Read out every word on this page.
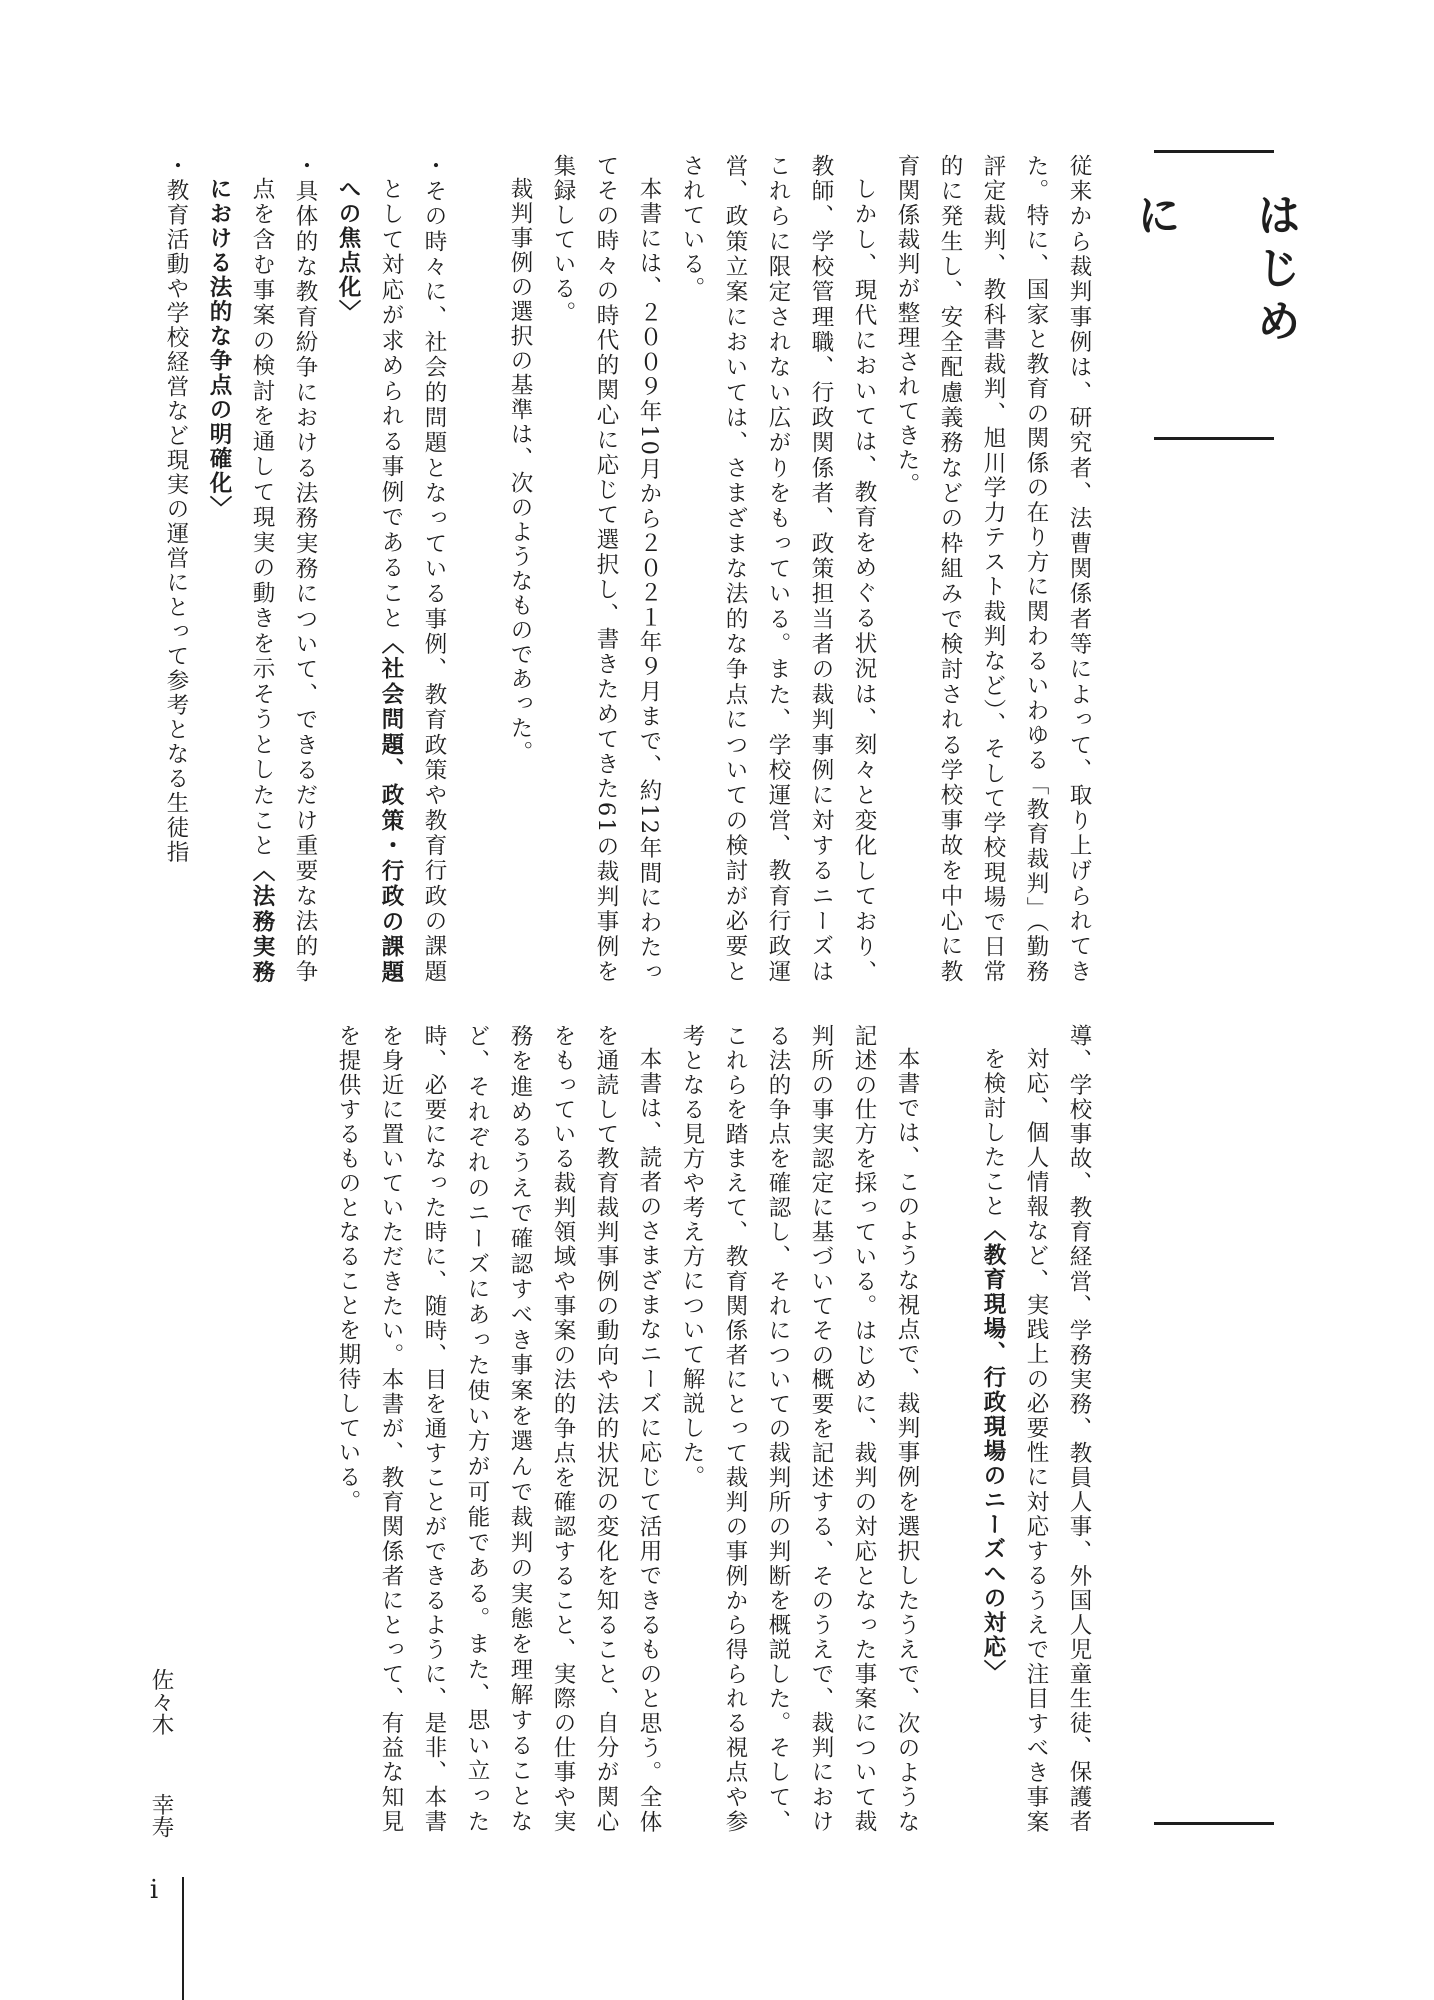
はじめに

従来から裁判事例は、研究者、法曹関係者等によって、取り上げられてきた。特に、国家と教育の関係の在り方に関わるいわゆる「教育裁判」（勤務評定裁判、教科書裁判、旭川学力テスト裁判など）、そして学校現場で日常的に発生し、安全配慮義務などの枠組みで検討される学校事故を中心に教育関係裁判が整理されてきた。

しかし、現代においては、教育をめぐる状況は、刻々と変化しており、教師、学校管理職、行政関係者、政策担当者の裁判事例に対するニーズはこれらに限定されない広がりをもっている。また、学校運営、教育行政運営、政策立案においては、さまざまな法的な争点についての検討が必要とされている。

本書には、２００９年10月から２０２１年９月まで、約12年間にわたってその時々の時代的関心に応じて選択し、書きためてきた61の裁判事例を集録している。

裁判事例の選択の基準は、次のようなものであった。

・その時々に、社会的問題となっている事例、教育政策や教育行政の課題として対応が求められる事例であること〈社会問題、政策・行政の課題への焦点化〉

・具体的な教育紛争における法務実務について、できるだけ重要な法的争点を含む事案の検討を通して現実の動きを示そうとしたこと〈法務実務における法的な争点の明確化〉

・教育活動や学校経営など現実の運営にとって参考となる生徒指

導、学校事故、教育経営、学務実務、教員人事、外国人児童生徒、保護者対応、個人情報など、実践上の必要性に対応するうえで注目すべき事案を検討したこと〈教育現場、行政現場のニーズへの対応〉

本書では、このような視点で、裁判事例を選択したうえで、次のような記述の仕方を採っている。はじめに、裁判の対応となった事案について裁判所の事実認定に基づいてその概要を記述する、そのうえで、裁判における法的争点を確認し、それについての裁判所の判断を概説した。そして、これらを踏まえて、教育関係者にとって裁判の事例から得られる視点や参考となる見方や考え方について解説した。

本書は、読者のさまざまなニーズに応じて活用できるものと思う。全体を通読して教育裁判事例の動向や法的状況の変化を知ること、自分が関心をもっている裁判領域や事案の法的争点を確認すること、実際の仕事や実務を進めるうえで確認すべき事案を選んで裁判の実態を理解することなど、それぞれのニーズにあった使い方が可能である。また、思い立った時、必要になった時に、随時、目を通すことができるように、是非、本書を身近に置いていただきたい。本書が、教育関係者にとって、有益な知見を提供するものとなることを期待している。

佐々木
幸寿
i
